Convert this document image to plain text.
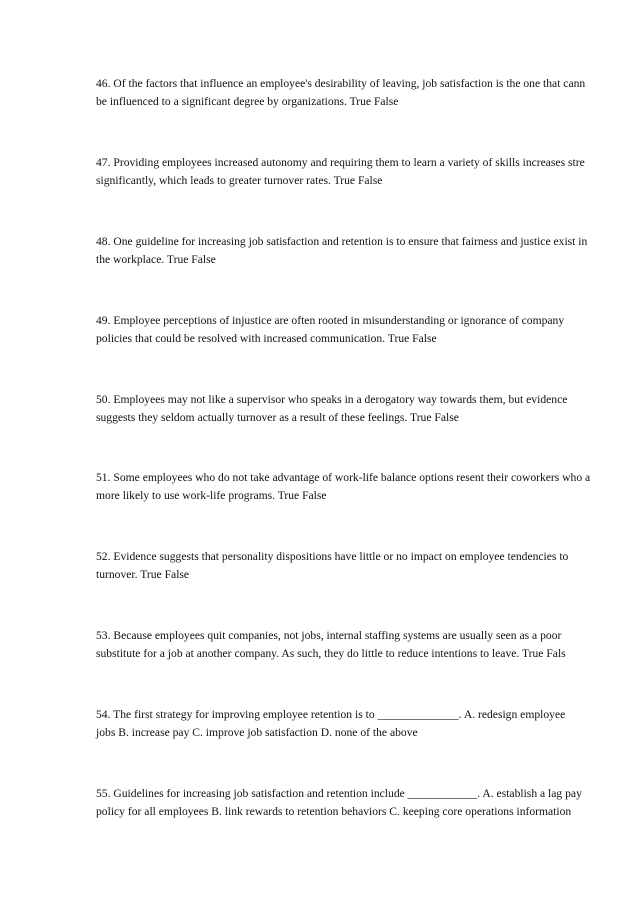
46. Of the factors that influence an employee's desirability of leaving, job satisfaction is the one that cann
be influenced to a significant degree by organizations. True False
47. Providing employees increased autonomy and requiring them to learn a variety of skills increases stre
significantly, which leads to greater turnover rates. True False
48. One guideline for increasing job satisfaction and retention is to ensure that fairness and justice exist in
the workplace. True False
49. Employee perceptions of injustice are often rooted in misunderstanding or ignorance of company
policies that could be resolved with increased communication. True False
50. Employees may not like a supervisor who speaks in a derogatory way towards them, but evidence
suggests they seldom actually turnover as a result of these feelings. True False
51. Some employees who do not take advantage of work-life balance options resent their coworkers who a
more likely to use work-life programs. True False
52. Evidence suggests that personality dispositions have little or no impact on employee tendencies to
turnover. True False
53. Because employees quit companies, not jobs, internal staffing systems are usually seen as a poor
substitute for a job at another company. As such, they do little to reduce intentions to leave. True Fals
54. The first strategy for improving employee retention is to ______________. A. redesign employee
jobs B. increase pay C. improve job satisfaction D. none of the above
55. Guidelines for increasing job satisfaction and retention include ____________. A. establish a lag pay
policy for all employees B. link rewards to retention behaviors C. keeping core operations information
